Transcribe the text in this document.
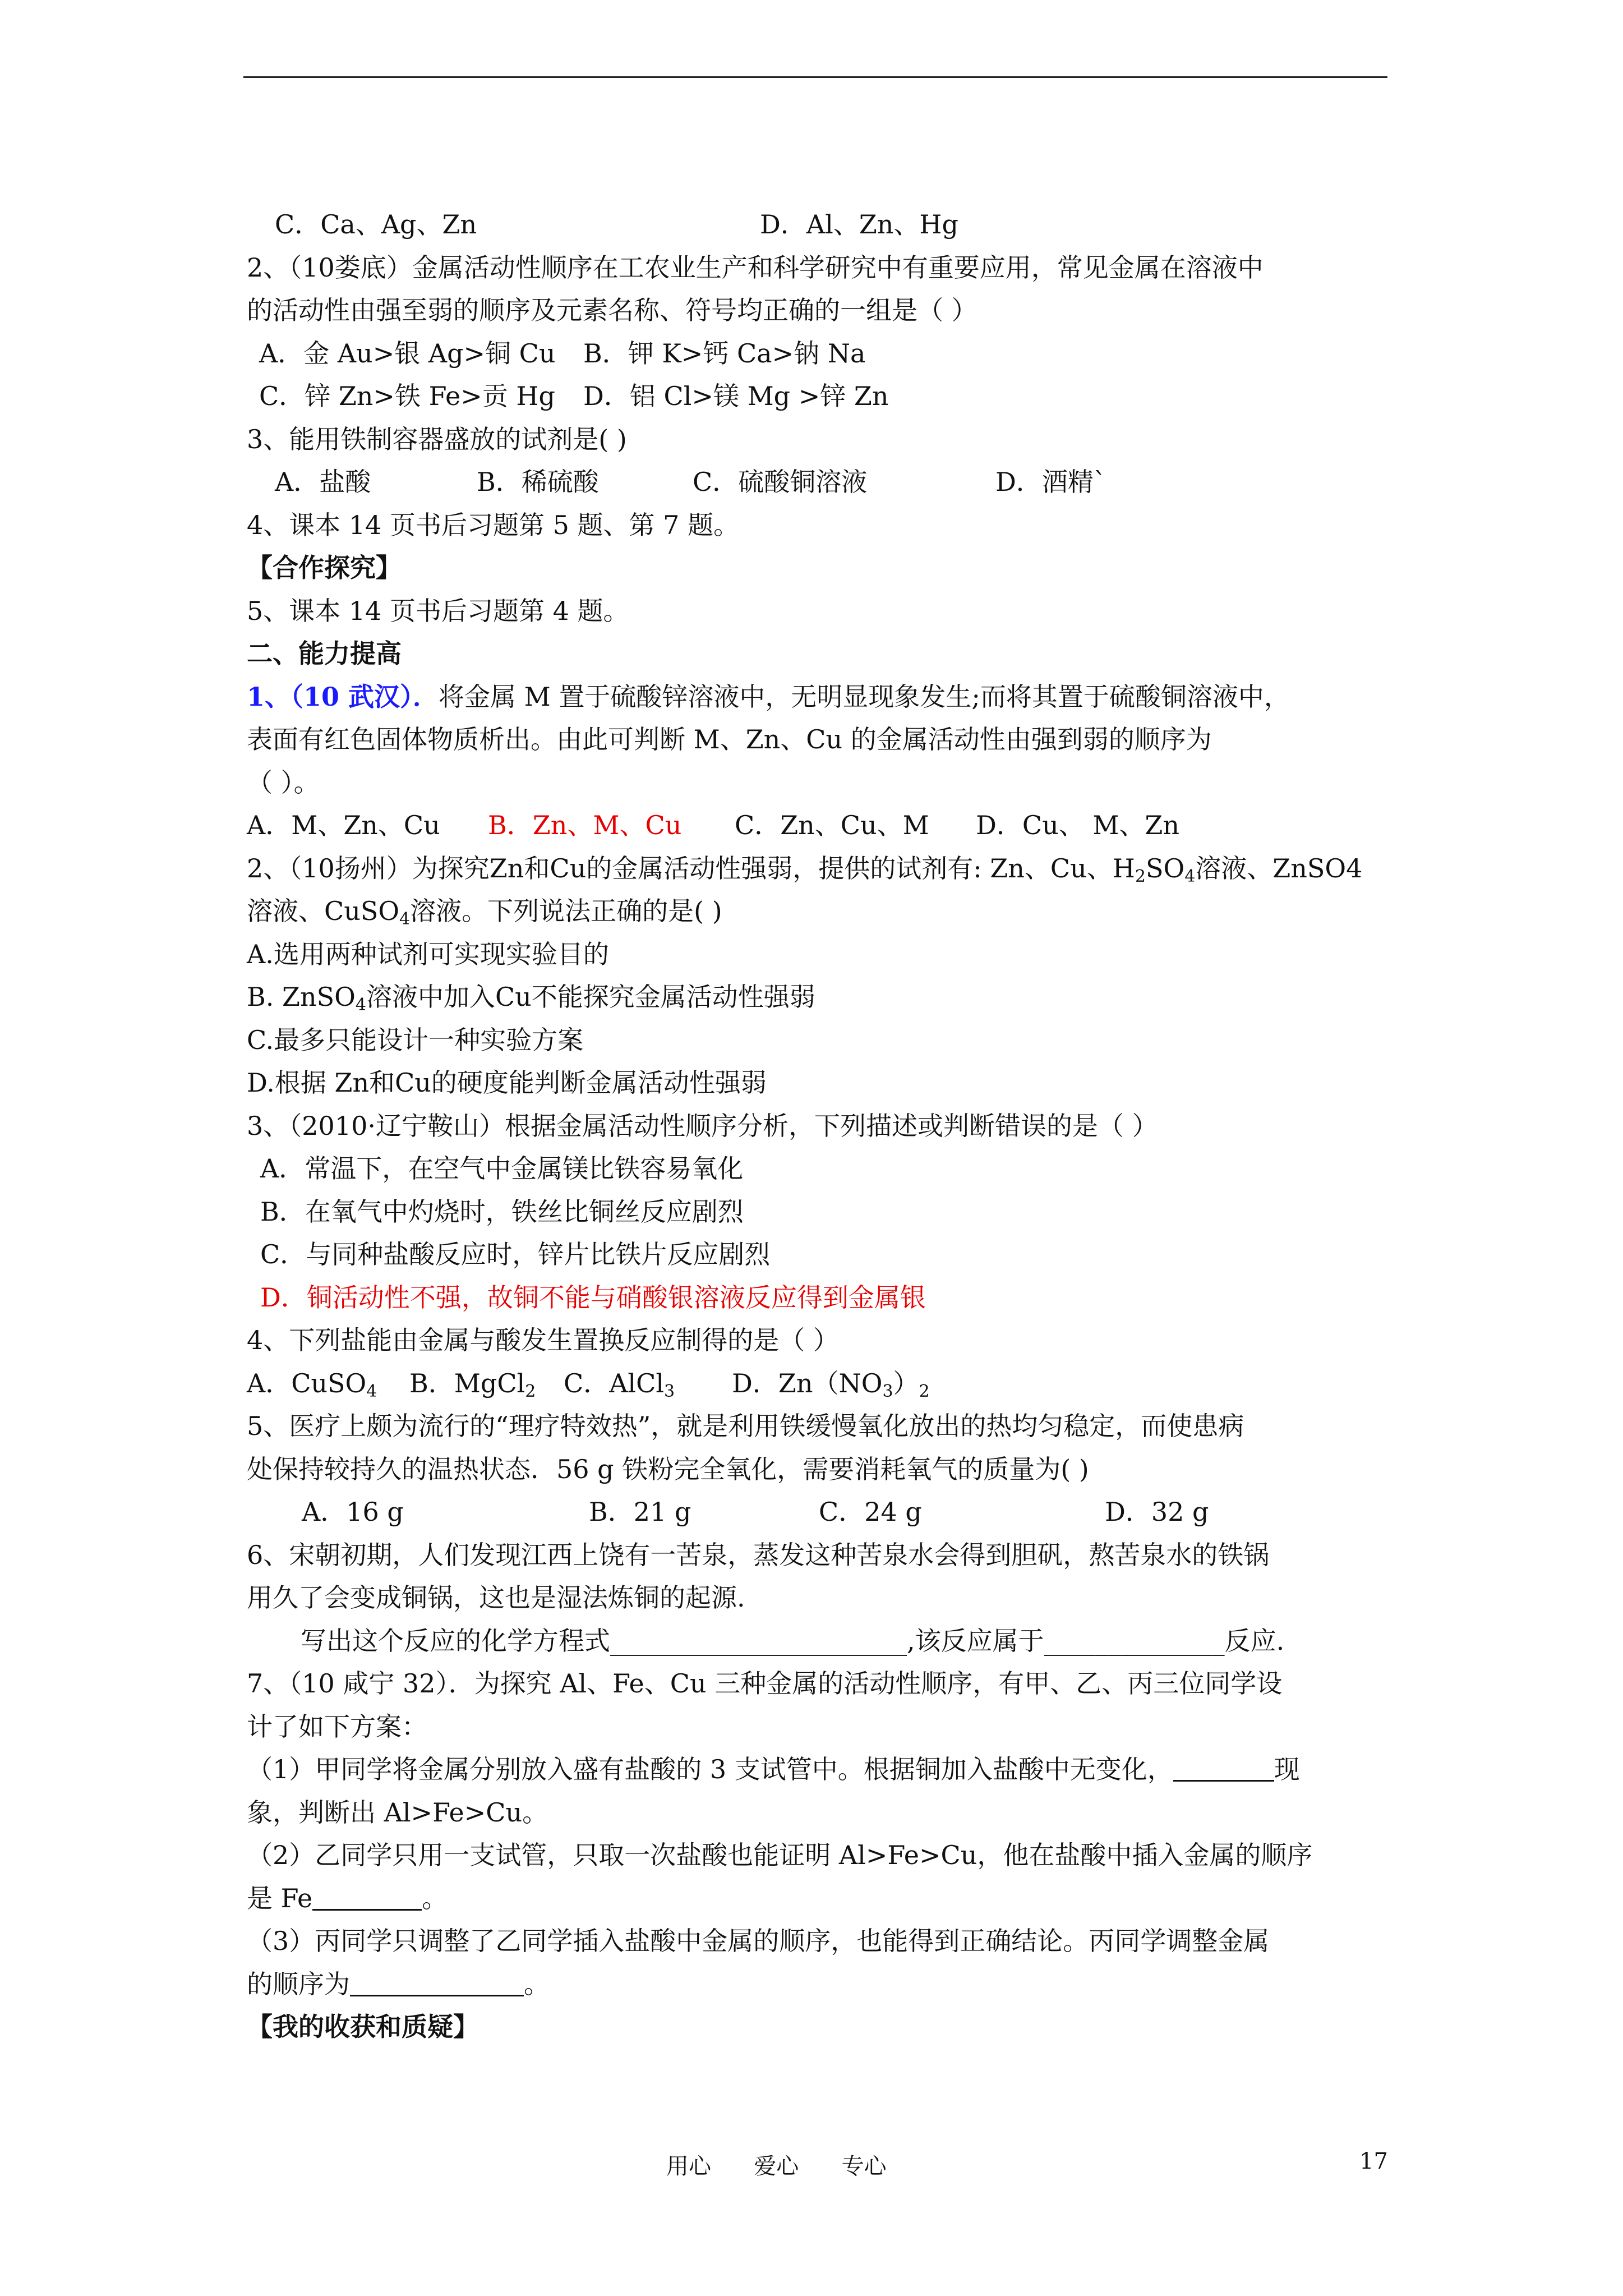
C．Ca、Ag、Zn	D．Al、Zn、Hg
2、（10娄底）金属活动性顺序在工农业生产和科学研究中有重要应用，常见金属在溶液中
的活动性由强至弱的顺序及元素名称、符号均正确的一组是（ ）
A．金 Au>银 Ag>铜 Cu B．钾 K>钙 Ca>钠 Na
C．锌 Zn>铁 Fe>贡 Hg D．铝 Cl>镁 Mg >锌 Zn
3、能用铁制容器盛放的试剂是( )
A．盐酸	B．稀硫酸	C．硫酸铜溶液	D．酒精`
4、课本 14 页书后习题第 5 题、第 7 题。
【合作探究】
5、课本 14 页书后习题第 4 题。
二、能力提高
1、（10 武汉）．将金属 M 置于硫酸锌溶液中，无明显现象发生;而将其置于硫酸铜溶液中，
表面有红色固体物质析出。由此可判断 M、Zn、Cu 的金属活动性由强到弱的顺序为
（ ）。
A．M、Zn、Cu B．Zn、M、Cu C．Zn、Cu、M D．Cu、 M、Zn
2、（10扬州）为探究Zn和Cu的金属活动性强弱，提供的试剂有: Zn、Cu、$H_2SO_4$溶液、ZnSO4
溶液、CuSO$_4$溶液。下列说法正确的是( )
A.选用两种试剂可实现实验目的
B. ZnSO$_4$溶液中加入Cu不能探究金属活动性强弱
C.最多只能设计一种实验方案
D.根据 Zn和Cu的硬度能判断金属活动性强弱
3、（2010·辽宁鞍山）根据金属活动性顺序分析，下列描述或判断错误的是（ ）
A．常温下，在空气中金属镁比铁容易氧化
B．在氧气中灼烧时，铁丝比铜丝反应剧烈
C．与同种盐酸反应时，锌片比铁片反应剧烈
D．铜活动性不强，故铜不能与硝酸银溶液反应得到金属银
4、下列盐能由金属与酸发生置换反应制得的是（ ）
A．CuSO$_4$ B．MgCl$_2$ C．AlCl$_3$ D．$Zn(NO_3)_2$
5、医疗上颇为流行的“理疗特效热”，就是利用铁缓慢氧化放出的热均匀稳定，而使患病
处保持较持久的温热状态．56 g 铁粉完全氧化，需要消耗氧气的质量为( )
A．16 g	B．21 g	C．24 g	D．32 g
6、宋朝初期，人们发现江西上饶有一苦泉，蒸发这种苦泉水会得到胆矾，熬苦泉水的铁锅
用久了会变成铜锅，这也是湿法炼铜的起源.
写出这个反应的化学方程式_______________________,该反应属于______________反应.
7、（10 咸宁 32）．为探究 Al、Fe、Cu 三种金属的活动性顺序，有甲、乙、丙三位同学设
计了如下方案：
（1）甲同学将金属分别放入盛有盐酸的 3 支试管中。根据铜加入盐酸中无变化，	现
象，判断出 Al>Fe>Cu。
（2）乙同学只用一支试管，只取一次盐酸也能证明 Al>Fe>Cu，他在盐酸中插入金属的顺序
是 Fe	。
（3）丙同学只调整了乙同学插入盐酸中金属的顺序，也能得到正确结论。丙同学调整金属
的顺序为	。
【我的收获和质疑】
用心      爱心      专心	17
